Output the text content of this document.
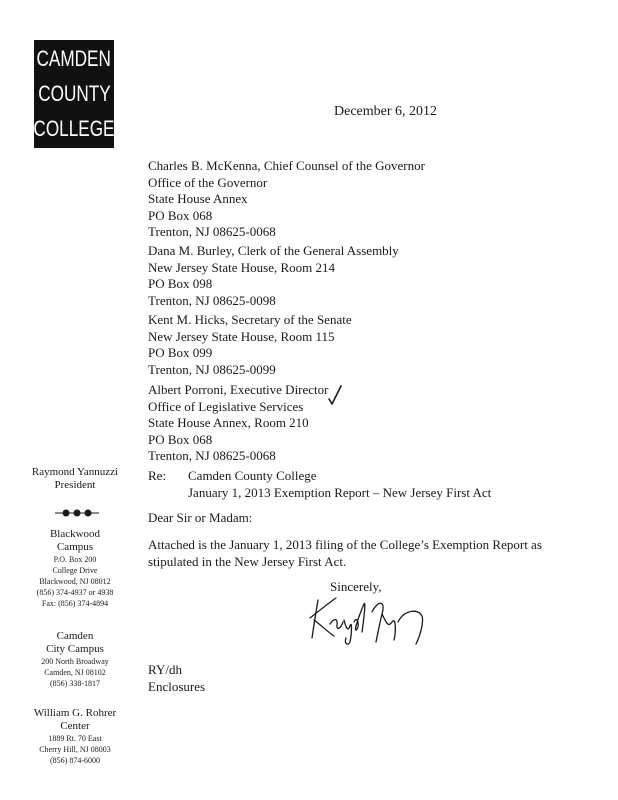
CAMDEN
COUNTY
COLLEGE
December 6, 2012
Charles B. McKenna, Chief Counsel of the Governor
Office of the Governor
State House Annex
PO Box 068
Trenton, NJ 08625-0068
Dana M. Burley, Clerk of the General Assembly
New Jersey State House, Room 214
PO Box 098
Trenton, NJ 08625-0098
Kent M. Hicks, Secretary of the Senate
New Jersey State House, Room 115
PO Box 099
Trenton, NJ 08625-0099
Albert Porroni, Executive Director
Office of Legislative Services
State House Annex, Room 210
PO Box 068
Trenton, NJ 08625-0068
Raymond Yannuzzi
President
Blackwood
Campus
P.O. Box 200
College Drive
Blackwood, NJ 08012
(856) 374-4937 or 4938
Fax: (856) 374-4894
Camden
City Campus
200 North Broadway
Camden, NJ 08102
(856) 338-1817
William G. Rohrer
Center
1889 Rt. 70 East
Cherry Hill, NJ 08003
(856) 874-6000
Re: Camden County College
January 1, 2013 Exemption Report – New Jersey First Act
Dear Sir or Madam:
Attached is the January 1, 2013 filing of the College’s Exemption Report as
stipulated in the New Jersey First Act.
Sincerely,
RY/dh
Enclosures
